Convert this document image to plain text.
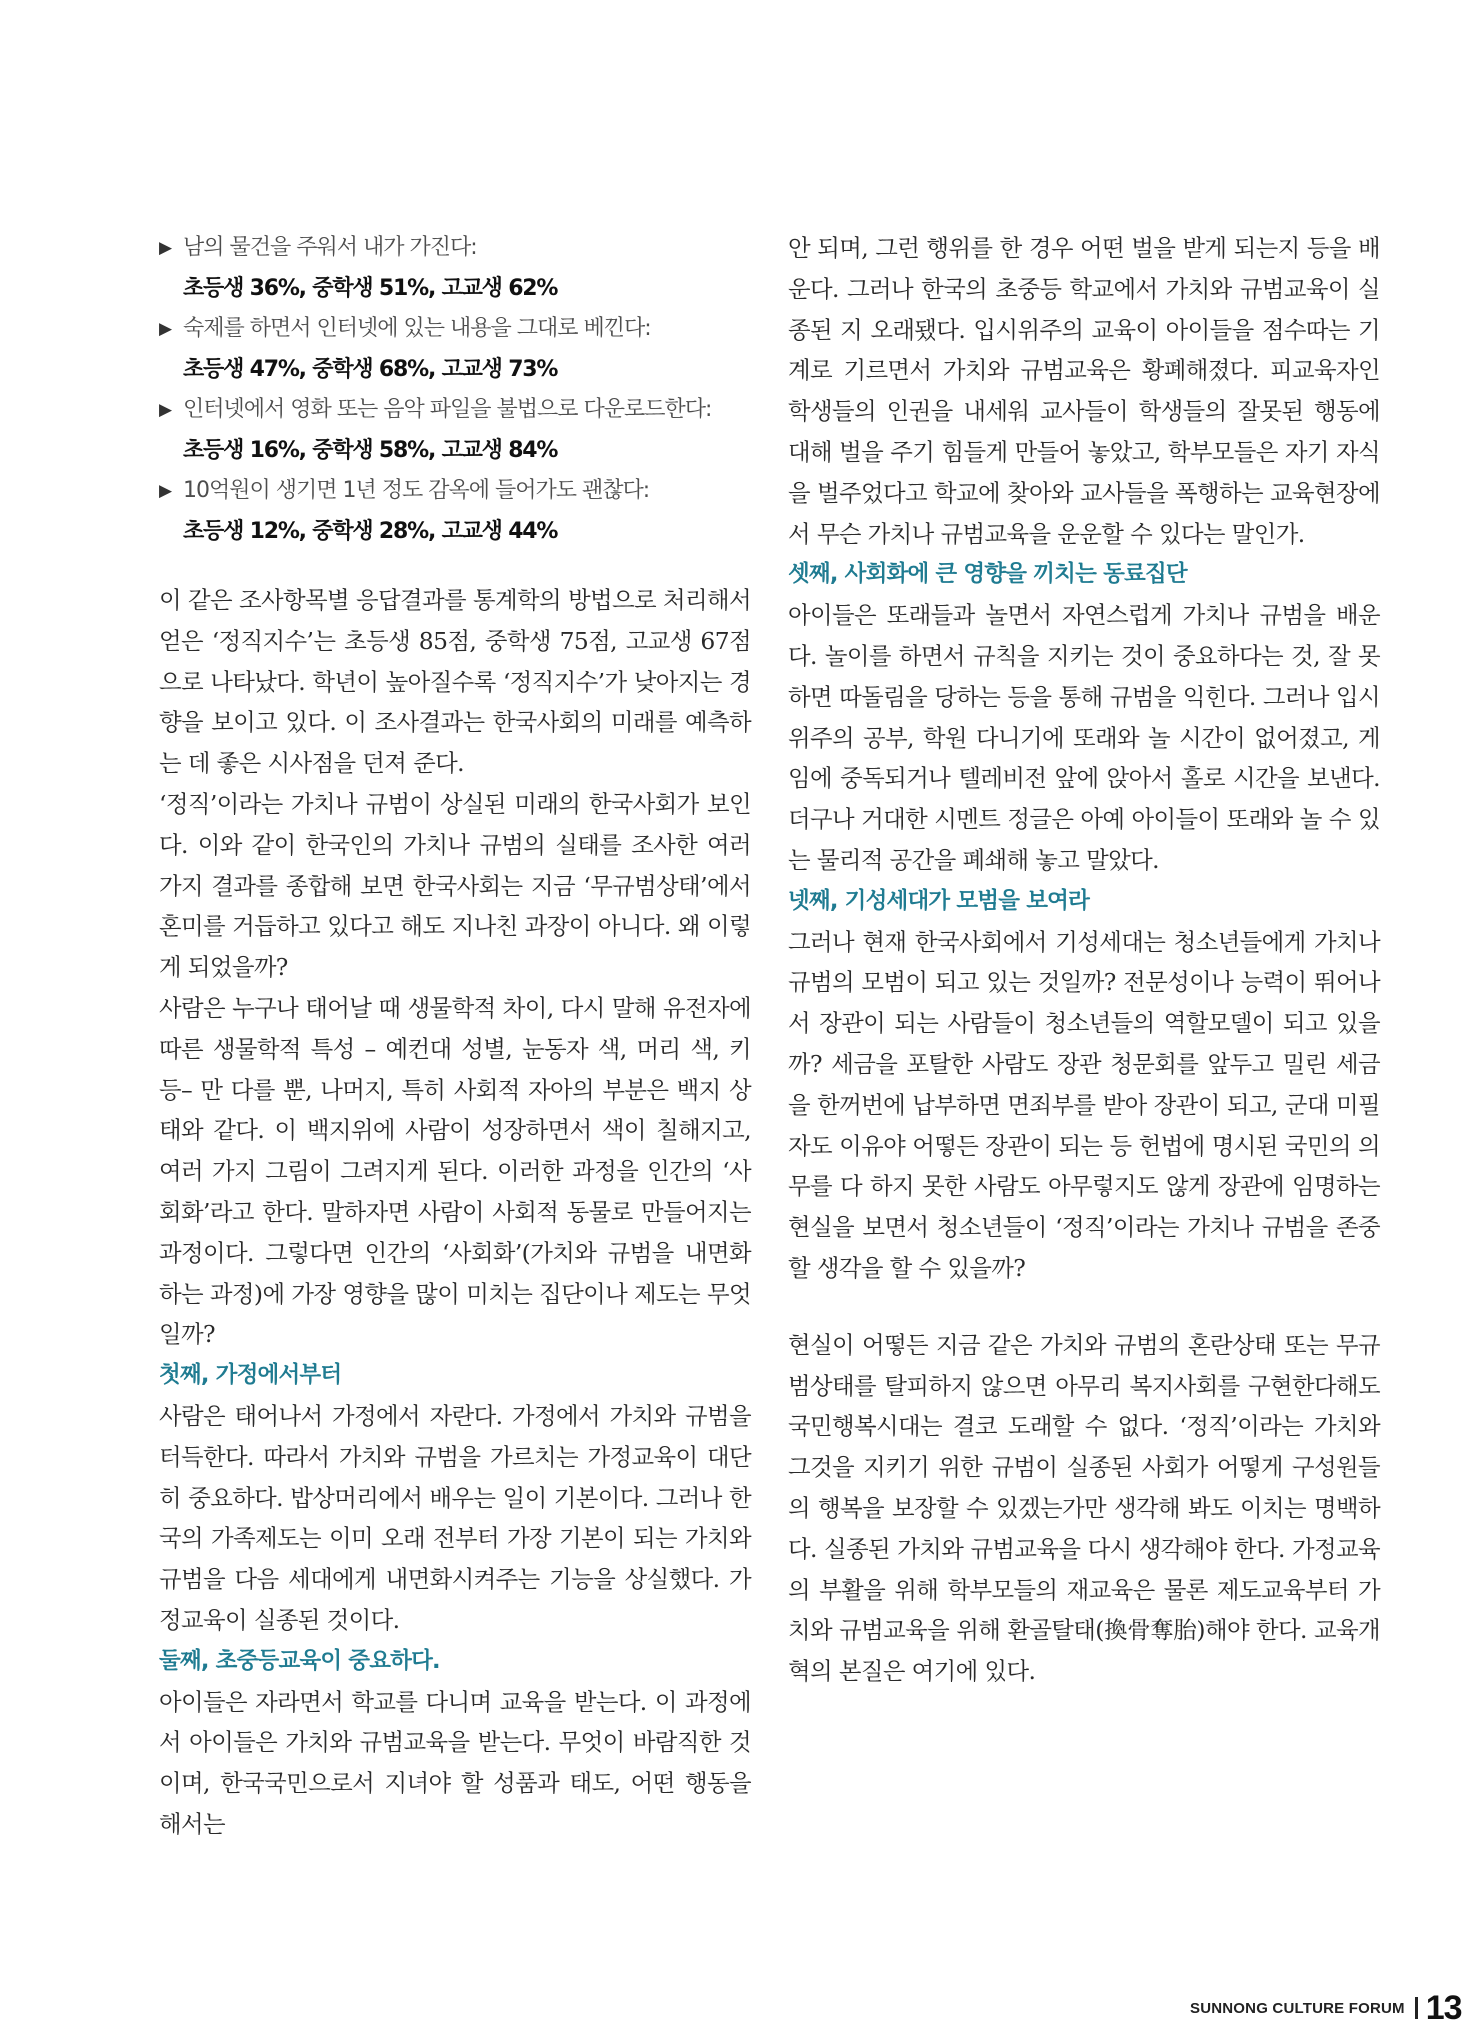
▶ 남의 물건을 주워서 내가 가진다:
초등생 36%, 중학생 51%, 고교생 62%
▶ 숙제를 하면서 인터넷에 있는 내용을 그대로 베낀다:
초등생 47%, 중학생 68%, 고교생 73%
▶ 인터넷에서 영화 또는 음악 파일을 불법으로 다운로드한다:
초등생 16%, 중학생 58%, 고교생 84%
▶ 10억원이 생기면 1년 정도 감옥에 들어가도 괜찮다:
초등생 12%, 중학생 28%, 고교생 44%

이 같은 조사항목별 응답결과를 통계학의 방법으로 처리해서 얻은 ‘정직지수’는 초등생 85점, 중학생 75점, 고교생 67점으로 나타났다. 학년이 높아질수록 ‘정직지수’가 낮아지는 경향을 보이고 있다. 이 조사결과는 한국사회의 미래를 예측하는 데 좋은 시사점을 던져 준다.

‘정직’이라는 가치나 규범이 상실된 미래의 한국사회가 보인다. 이와 같이 한국인의 가치나 규범의 실태를 조사한 여러 가지 결과를 종합해 보면 한국사회는 지금 ‘무규범상태’에서 혼미를 거듭하고 있다고 해도 지나친 과장이 아니다. 왜 이렇게 되었을까?

사람은 누구나 태어날 때 생물학적 차이, 다시 말해 유전자에 따른 생물학적 특성 – 예컨대 성별, 눈동자 색, 머리 색, 키 등– 만 다를 뿐, 나머지, 특히 사회적 자아의 부분은 백지 상태와 같다. 이 백지위에 사람이 성장하면서 색이 칠해지고, 여러 가지 그림이 그려지게 된다. 이러한 과정을 인간의 ‘사회화’라고 한다. 말하자면 사람이 사회적 동물로 만들어지는 과정이다. 그렇다면 인간의 ‘사회화’(가치와 규범을 내면화 하는 과정)에 가장 영향을 많이 미치는 집단이나 제도는 무엇일까?

첫째, 가정에서부터

사람은 태어나서 가정에서 자란다. 가정에서 가치와 규범을 터득한다. 따라서 가치와 규범을 가르치는 가정교육이 대단히 중요하다. 밥상머리에서 배우는 일이 기본이다. 그러나 한국의 가족제도는 이미 오래 전부터 가장 기본이 되는 가치와 규범을 다음 세대에게 내면화시켜주는 기능을 상실했다. 가정교육이 실종된 것이다.

둘째, 초중등교육이 중요하다.

아이들은 자라면서 학교를 다니며 교육을 받는다. 이 과정에서 아이들은 가치와 규범교육을 받는다. 무엇이 바람직한 것이며, 한국국민으로서 지녀야 할 성품과 태도, 어떤 행동을 해서는

안 되며, 그런 행위를 한 경우 어떤 벌을 받게 되는지 등을 배운다. 그러나 한국의 초중등 학교에서 가치와 규범교육이 실종된 지 오래됐다. 입시위주의 교육이 아이들을 점수따는 기계로 기르면서 가치와 규범교육은 황폐해졌다. 피교육자인 학생들의 인권을 내세워 교사들이 학생들의 잘못된 행동에 대해 벌을 주기 힘들게 만들어 놓았고, 학부모들은 자기 자식을 벌주었다고 학교에 찾아와 교사들을 폭행하는 교육현장에서 무슨 가치나 규범교육을 운운할 수 있다는 말인가.

셋째, 사회화에 큰 영향을 끼치는 동료집단

아이들은 또래들과 놀면서 자연스럽게 가치나 규범을 배운다. 놀이를 하면서 규칙을 지키는 것이 중요하다는 것, 잘 못하면 따돌림을 당하는 등을 통해 규범을 익힌다. 그러나 입시위주의 공부, 학원 다니기에 또래와 놀 시간이 없어졌고, 게임에 중독되거나 텔레비전 앞에 앉아서 홀로 시간을 보낸다. 더구나 거대한 시멘트 정글은 아예 아이들이 또래와 놀 수 있는 물리적 공간을 폐쇄해 놓고 말았다.

넷째, 기성세대가 모범을 보여라

그러나 현재 한국사회에서 기성세대는 청소년들에게 가치나 규범의 모범이 되고 있는 것일까? 전문성이나 능력이 뛰어나서 장관이 되는 사람들이 청소년들의 역할모델이 되고 있을까? 세금을 포탈한 사람도 장관 청문회를 앞두고 밀린 세금을 한꺼번에 납부하면 면죄부를 받아 장관이 되고, 군대 미필자도 이유야 어떻든 장관이 되는 등 헌법에 명시된 국민의 의무를 다 하지 못한 사람도 아무렇지도 않게 장관에 임명하는 현실을 보면서 청소년들이 ‘정직’이라는 가치나 규범을 존중할 생각을 할 수 있을까?

현실이 어떻든 지금 같은 가치와 규범의 혼란상태 또는 무규범상태를 탈피하지 않으면 아무리 복지사회를 구현한다해도 국민행복시대는 결코 도래할 수 없다. ‘정직’이라는 가치와 그것을 지키기 위한 규범이 실종된 사회가 어떻게 구성원들의 행복을 보장할 수 있겠는가만 생각해 봐도 이치는 명백하다. 실종된 가치와 규범교육을 다시 생각해야 한다. 가정교육의 부활을 위해 학부모들의 재교육은 물론 제도교육부터 가치와 규범교육을 위해 환골탈태(換骨奪胎)해야 한다. 교육개혁의 본질은 여기에 있다.

SUNNONG CULTURE FORUM 13
